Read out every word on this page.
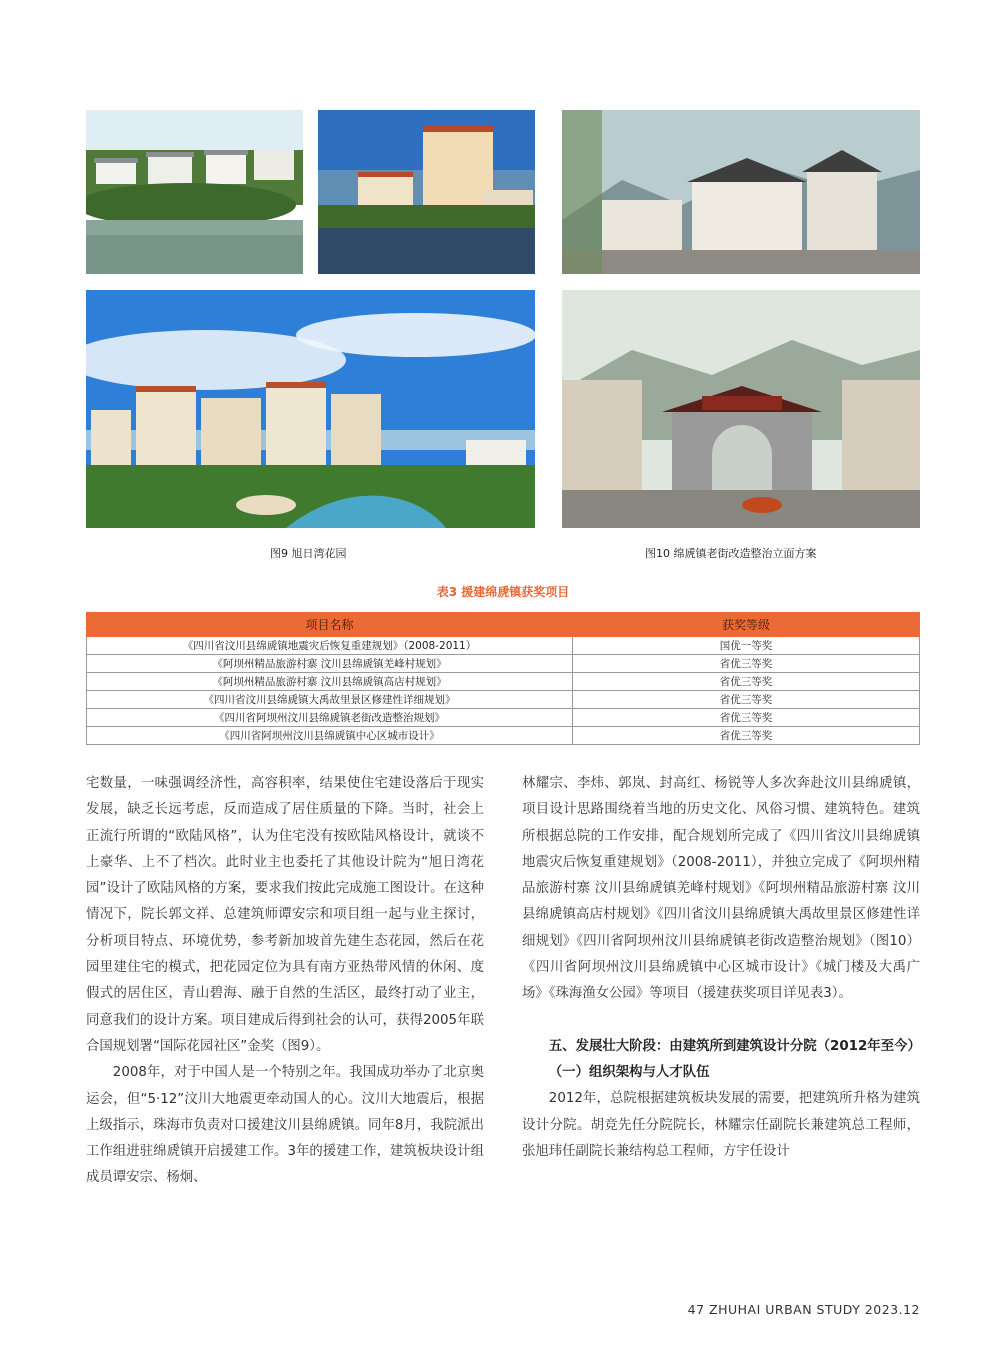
图9 旭日湾花园	图10 绵虒镇老街改造整治立面方案
表3 援建绵虒镇获奖项目
项目名称	获奖等级
《四川省汶川县绵虒镇地震灾后恢复重建规划》（2008-2011）	国优一等奖
《阿坝州精品旅游村寨 汶川县绵虒镇羌峰村规划》	省优三等奖
《阿坝州精品旅游村寨 汶川县绵虒镇高店村规划》	省优三等奖
《四川省汶川县绵虒镇大禹故里景区修建性详细规划》	省优三等奖
《四川省阿坝州汶川县绵虒镇老街改造整治规划》	省优三等奖
《四川省阿坝州汶川县绵虒镇中心区城市设计》	省优三等奖

宅数量，一味强调经济性，高容积率，结果使住宅建设落后于现实发展，缺乏长远考虑，反而造成了居住质量的下降。当时，社会上正流行所谓的“欧陆风格”，认为住宅没有按欧陆风格设计，就谈不上豪华、上不了档次。此时业主也委托了其他设计院为“旭日湾花园”设计了欧陆风格的方案，要求我们按此完成施工图设计。在这种情况下，院长郭文祥、总建筑师谭安宗和项目组一起与业主探讨，分析项目特点、环境优势，参考新加坡首先建生态花园，然后在花园里建住宅的模式，把花园定位为具有南方亚热带风情的休闲、度假式的居住区，青山碧海、融于自然的生活区，最终打动了业主，同意我们的设计方案。项目建成后得到社会的认可，获得2005年联合国规划署“国际花园社区”金奖（图9）。

2008年，对于中国人是一个特别之年。我国成功举办了北京奥运会，但“5·12”汶川大地震更牵动国人的心。汶川大地震后，根据上级指示，珠海市负责对口援建汶川县绵虒镇。同年8月，我院派出工作组进驻绵虒镇开启援建工作。3年的援建工作，建筑板块设计组成员谭安宗、杨炯、

林耀宗、李炜、郭岚、封高红、杨锐等人多次奔赴汶川县绵虒镇，项目设计思路围绕着当地的历史文化、风俗习惯、建筑特色。建筑所根据总院的工作安排，配合规划所完成了《四川省汶川县绵虒镇地震灾后恢复重建规划》（2008-2011），并独立完成了《阿坝州精品旅游村寨 汶川县绵虒镇羌峰村规划》《阿坝州精品旅游村寨 汶川县绵虒镇高店村规划》《四川省汶川县绵虒镇大禹故里景区修建性详细规划》《四川省阿坝州汶川县绵虒镇老街改造整治规划》（图10）《四川省阿坝州汶川县绵虒镇中心区城市设计》《城门楼及大禹广场》《珠海渔女公园》等项目（援建获奖项目详见表3）。

五、发展壮大阶段：由建筑所到建筑设计分院（2012年至今）

（一）组织架构与人才队伍

2012年，总院根据建筑板块发展的需要，把建筑所升格为建筑设计分院。胡竞先任分院院长，林耀宗任副院长兼建筑总工程师，张旭玮任副院长兼结构总工程师，方宇任设计

47 ZHUHAI URBAN STUDY 2023.12
